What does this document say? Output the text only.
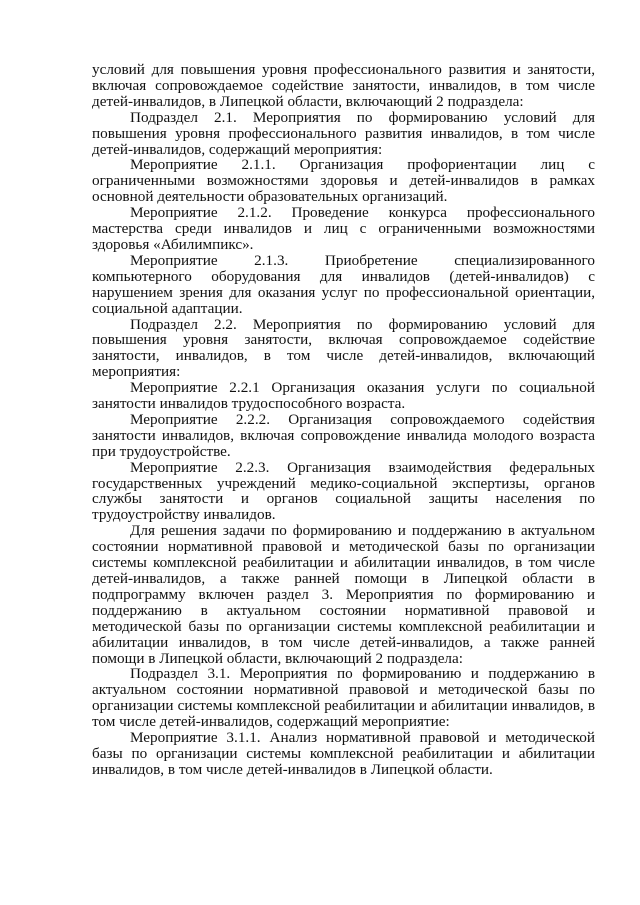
условий для повышения уровня профессионального развития и занятости, включая сопровождаемое содействие занятости, инвалидов, в том числе детей-инвалидов, в Липецкой области, включающий 2 подраздела:

Подраздел 2.1. Мероприятия по формированию условий для повышения уровня профессионального развития инвалидов, в том числе детей-инвалидов, содержащий мероприятия:

Мероприятие 2.1.1. Организация профориентации лиц с ограниченными возможностями здоровья и детей-инвалидов в рамках основной деятельности образовательных организаций.

Мероприятие 2.1.2. Проведение конкурса профессионального мастерства среди инвалидов и лиц с ограниченными возможностями здоровья «Абилимпикс».

Мероприятие 2.1.3. Приобретение специализированного компьютерного оборудования для инвалидов (детей-инвалидов) с нарушением зрения для оказания услуг по профессиональной ориентации, социальной адаптации.

Подраздел 2.2. Мероприятия по формированию условий для повышения уровня занятости, включая сопровождаемое содействие занятости, инвалидов, в том числе детей-инвалидов, включающий мероприятия:

Мероприятие 2.2.1 Организация оказания услуги по социальной занятости инвалидов трудоспособного возраста.

Мероприятие 2.2.2. Организация сопровождаемого содействия занятости инвалидов, включая сопровождение инвалида молодого возраста при трудоустройстве.

Мероприятие 2.2.3. Организация взаимодействия федеральных государственных учреждений медико-социальной экспертизы, органов службы занятости и органов социальной защиты населения по трудоустройству инвалидов.

Для решения задачи по формированию и поддержанию в актуальном состоянии нормативной правовой и методической базы по организации системы комплексной реабилитации и абилитации инвалидов, в том числе детей-инвалидов, а также ранней помощи в Липецкой области в подпрограмму включен раздел 3. Мероприятия по формированию и поддержанию в актуальном состоянии нормативной правовой и методической базы по организации системы комплексной реабилитации и абилитации инвалидов, в том числе детей-инвалидов, а также ранней помощи в Липецкой области, включающий 2 подраздела:

Подраздел 3.1. Мероприятия по формированию и поддержанию в актуальном состоянии нормативной правовой и методической базы по организации системы комплексной реабилитации и абилитации инвалидов, в том числе детей-инвалидов, содержащий мероприятие:

Мероприятие 3.1.1. Анализ нормативной правовой и методической базы по организации системы комплексной реабилитации и абилитации инвалидов, в том числе детей-инвалидов в Липецкой области.
